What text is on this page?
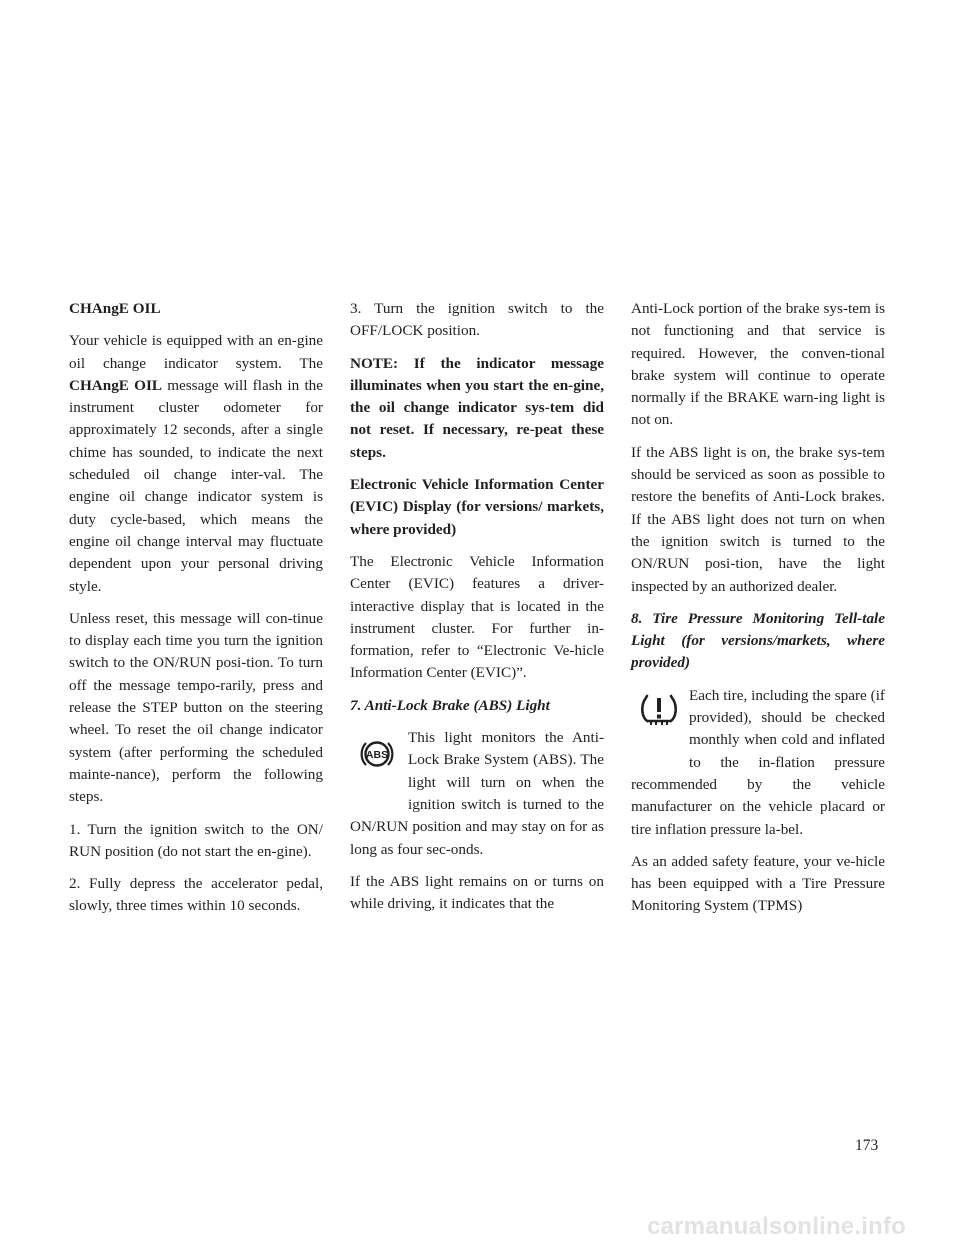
CHAngE OIL

Your vehicle is equipped with an en-gine oil change indicator system. The CHAngE OIL message will flash in the instrument cluster odometer for approximately 12 seconds, after a single chime has sounded, to indicate the next scheduled oil change inter-val. The engine oil change indicator system is duty cycle-based, which means the engine oil change interval may fluctuate dependent upon your personal driving style.

Unless reset, this message will con-tinue to display each time you turn the ignition switch to the ON/RUN posi-tion. To turn off the message tempo-rarily, press and release the STEP button on the steering wheel. To reset the oil change indicator system (after performing the scheduled mainte-nance), perform the following steps.

1. Turn the ignition switch to the ON/ RUN position (do not start the en-gine).

2. Fully depress the accelerator pedal, slowly, three times within 10 seconds.

3. Turn the ignition switch to the OFF/LOCK position.

NOTE: If the indicator message illuminates when you start the en-gine, the oil change indicator sys-tem did not reset. If necessary, re-peat these steps.

Electronic Vehicle Information Center (EVIC) Display (for versions/ markets, where provided)

The Electronic Vehicle Information Center (EVIC) features a driver-interactive display that is located in the instrument cluster. For further in-formation, refer to “Electronic Ve-hicle Information Center (EVIC)”.

7. Anti-Lock Brake (ABS) Light

ABS

This light monitors the Anti-Lock Brake System (ABS). The light will turn on when the ignition switch is turned to the ON/RUN position and may stay on for as long as four sec-onds.

If the ABS light remains on or turns on while driving, it indicates that the

Anti-Lock portion of the brake sys-tem is not functioning and that service is required. However, the conven-tional brake system will continue to operate normally if the BRAKE warn-ing light is not on.

If the ABS light is on, the brake sys-tem should be serviced as soon as possible to restore the benefits of Anti-Lock brakes. If the ABS light does not turn on when the ignition switch is turned to the ON/RUN posi-tion, have the light inspected by an authorized dealer.

8. Tire Pressure Monitoring Tell-tale Light (for versions/markets, where provided)

Each tire, including the spare (if provided), should be checked monthly when cold and inflated to the in-flation pressure recommended by the vehicle manufacturer on the vehicle placard or tire inflation pressure la-bel.

As an added safety feature, your ve-hicle has been equipped with a Tire Pressure Monitoring System (TPMS)

173
carmanualsonline.info
